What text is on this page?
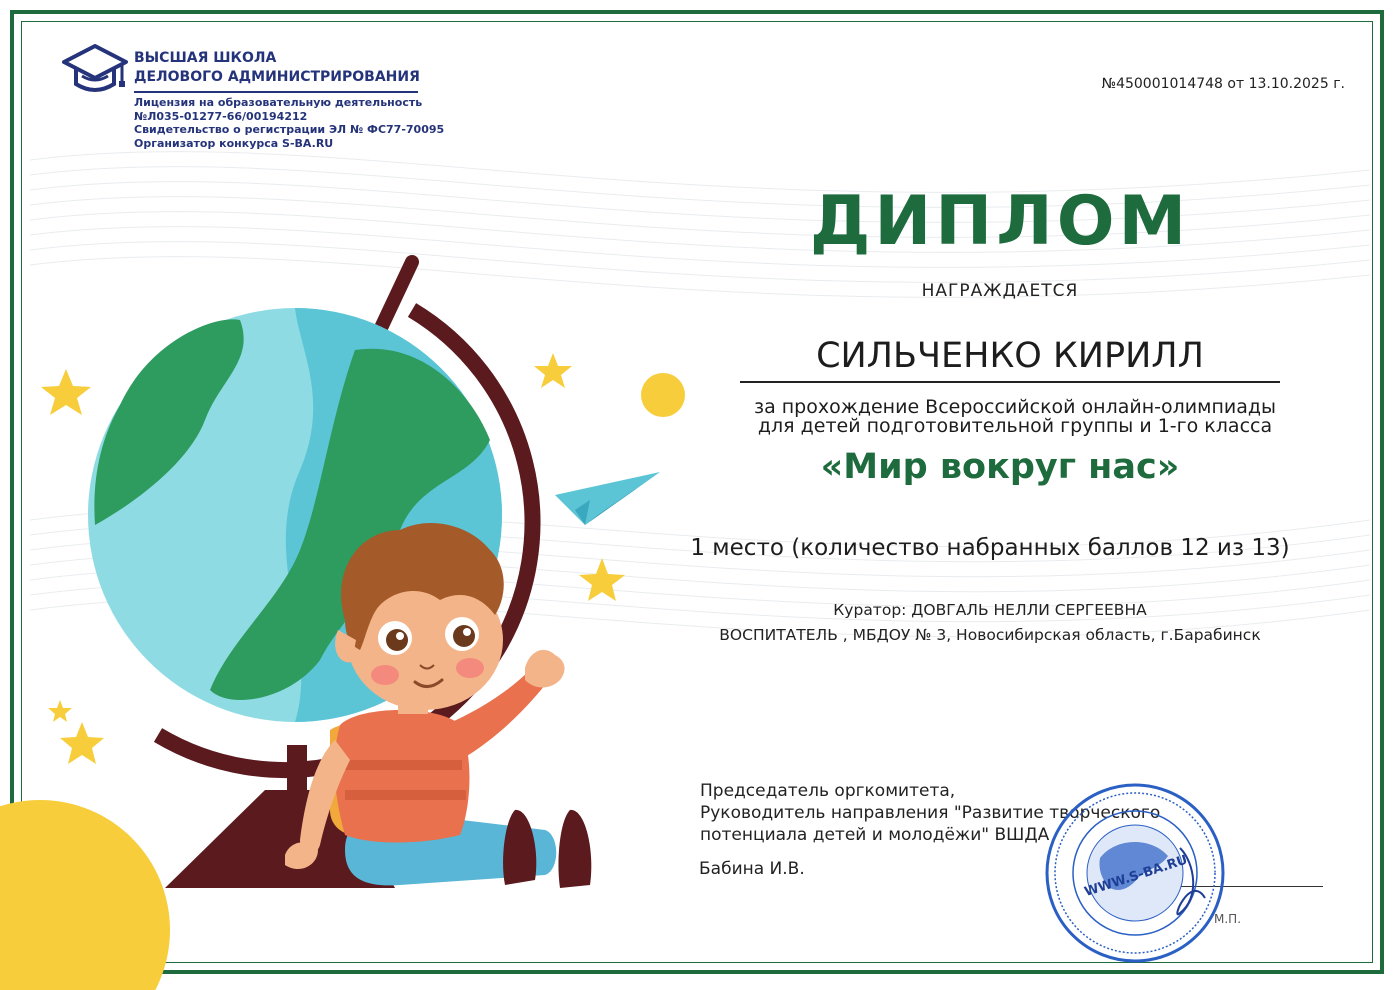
ВЫСШАЯ ШКОЛА
ДЕЛОВОГО АДМИНИСТРИРОВАНИЯ
Лицензия на образовательную деятельность
№Л035-01277-66/00194212
Свидетельство о регистрации ЭЛ № ФС77-70095
Организатор конкурса S-BA.RU
№450001014748 от 13.10.2025 г.
ДИПЛОМ
НАГРАЖДАЕТСЯ
СИЛЬЧЕНКО КИРИЛЛ
за прохождение Всероссийской онлайн-олимпиады
для детей подготовительной группы и 1-го класса
«Мир вокруг нас»
1 место (количество набранных баллов 12 из 13)
Куратор: ДОВГАЛЬ НЕЛЛИ СЕРГЕЕВНА
ВОСПИТАТЕЛЬ , МБДОУ № 3, Новосибирская область, г.Барабинск
Председатель оргкомитета,
Руководитель направления "Развитие творческого
потенциала детей и молодёжи" ВШДА
Бабина И.В.
М.П.
WWW.S-BA.RU
